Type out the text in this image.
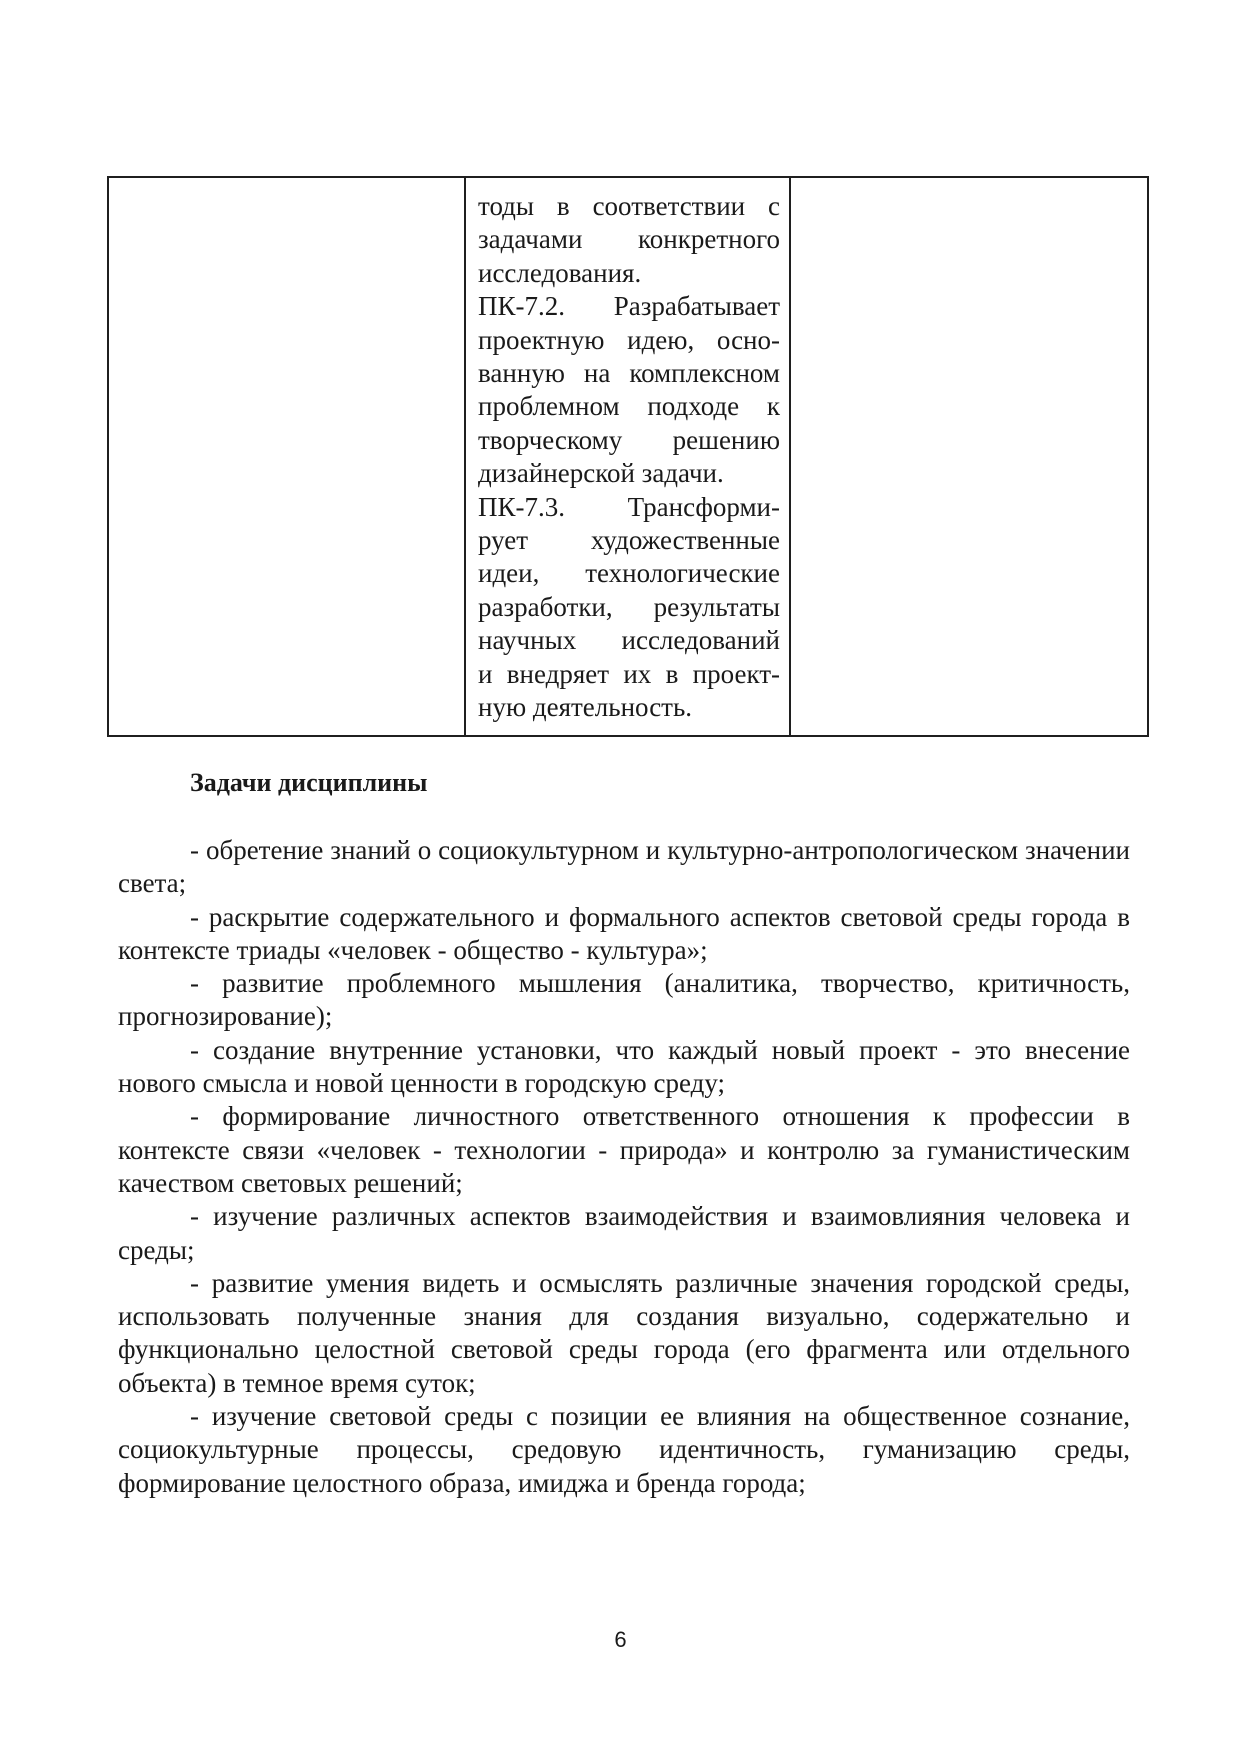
тоды в соответствии с
задачами конкретного
исследования.
ПК-7.2. Разрабатывает
проектную идею, осно-
ванную на комплексном
проблемном подходе к
творческому решению
дизайнерской задачи.
ПК-7.3. Трансформи-
рует художественные
идеи, технологические
разработки, результаты
научных исследований
и внедряет их в проект-
ную деятельность.

Задачи дисциплины

- обретение знаний о социокультурном и культурно-антропологическом значении света;

- раскрытие содержательного и формального аспектов световой среды города в контексте триады «человек - общество - культура»;

- развитие проблемного мышления (аналитика, творчество, критичность, прогнозирование);

- создание внутренние установки, что каждый новый проект - это внесение нового смысла и новой ценности в городскую среду;

- формирование личностного ответственного отношения к профессии в контексте связи «человек - технологии - природа» и контролю за гуманистическим качеством световых решений;

- изучение различных аспектов взаимодействия и взаимовлияния человека и среды;

- развитие умения видеть и осмыслять различные значения городской среды, использовать полученные знания для создания визуально, содержательно и функционально целостной световой среды города (его фрагмента или отдельного объекта) в темное время суток;

- изучение световой среды с позиции ее влияния на общественное сознание, социокультурные процессы, средовую идентичность, гуманизацию среды, формирование целостного образа, имиджа и бренда города;

6
